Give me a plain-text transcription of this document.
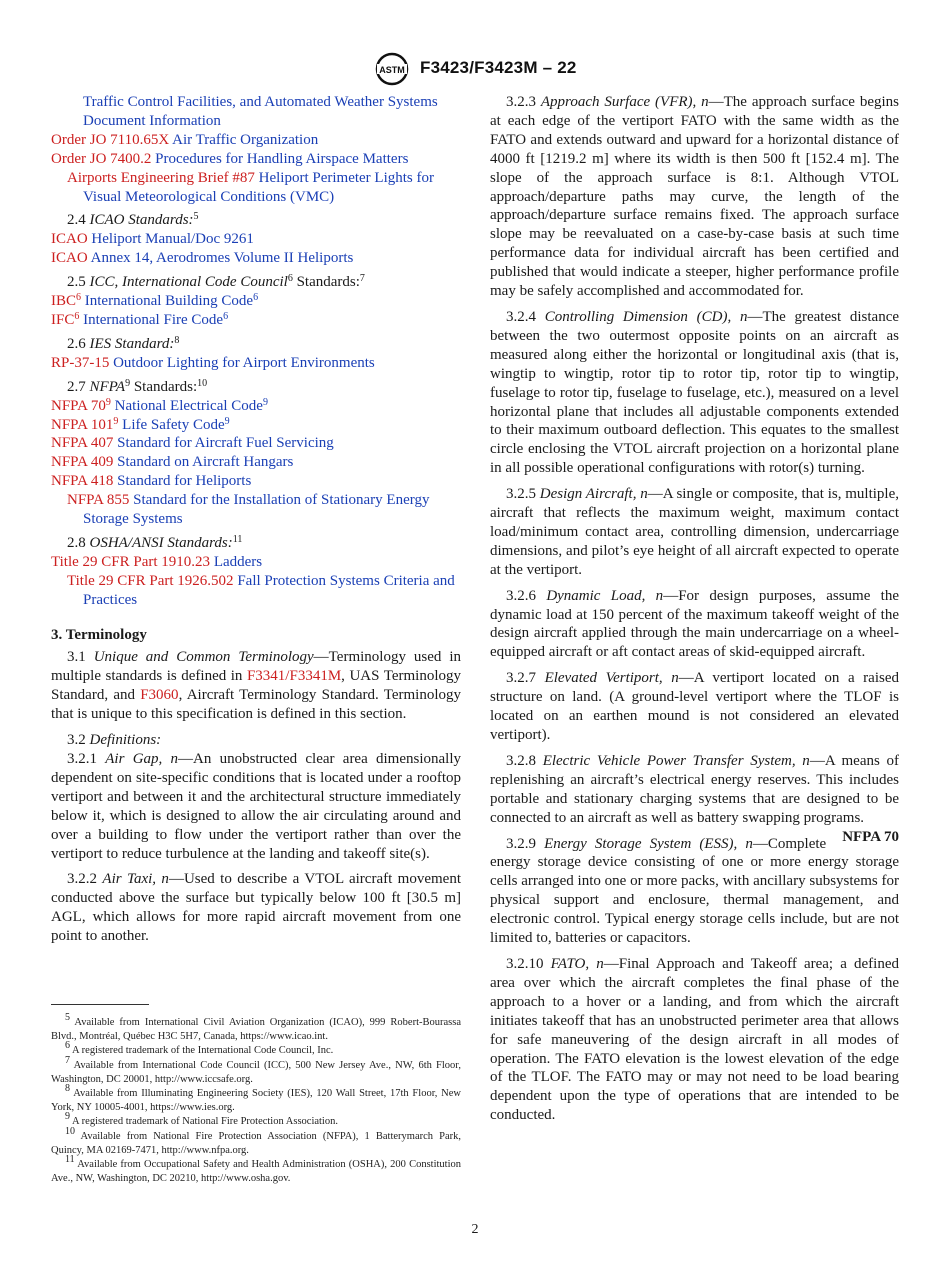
ASTM F3423/F3423M – 22
Traffic Control Facilities, and Automated Weather Systems Document Information
Order JO 7110.65X Air Traffic Organization
Order JO 7400.2 Procedures for Handling Airspace Matters
Airports Engineering Brief #87 Heliport Perimeter Lights for Visual Meteorological Conditions (VMC)
2.4 ICAO Standards:$^5$
ICAO Heliport Manual/Doc 9261
ICAO Annex 14, Aerodromes Volume II Heliports
2.5 ICC, International Code Council$^6$ Standards:$^7$
IBC$^6$ International Building Code$^6$
IFC$^6$ International Fire Code$^6$
2.6 IES Standard:$^8$
RP-37-15 Outdoor Lighting for Airport Environments
2.7 NFPA$^9$ Standards:$^{10}$
NFPA $70^9$ National Electrical Code$^9$
NFPA $101^9$ Life Safety Code$^9$
NFPA 407 Standard for Aircraft Fuel Servicing
NFPA 409 Standard on Aircraft Hangars
NFPA 418 Standard for Heliports
NFPA 855 Standard for the Installation of Stationary Energy Storage Systems
2.8 OSHA/ANSI Standards:$^{11}$
Title 29 CFR Part 1910.23 Ladders
Title 29 CFR Part 1926.502 Fall Protection Systems Criteria and Practices
3. Terminology
3.1 Unique and Common Terminology—Terminology used in multiple standards is defined in F3341/F3341M, UAS Terminology Standard, and F3060, Aircraft Terminology Standard. Terminology that is unique to this specification is defined in this section.
3.2 Definitions:
3.2.1 Air Gap, n—An unobstructed clear area dimensionally dependent on site-specific conditions that is located under a rooftop vertiport and between it and the architectural structure immediately below it, which is designed to allow the air circulating around and over a building to flow under the vertiport rather than over the vertiport to reduce turbulence at the landing and takeoff site(s).
3.2.2 Air Taxi, n—Used to describe a VTOL aircraft movement conducted above the surface but typically below 100 ft [30.5 m] AGL, which allows for more rapid aircraft movement from one point to another.
$^5$ Available from International Civil Aviation Organization (ICAO), 999 Robert-Bourassa Blvd., Montréal, Québec H3C 5H7, Canada, https://www.icao.int.
$^6$ A registered trademark of the International Code Council, Inc.
$^7$ Available from International Code Council (ICC), 500 New Jersey Ave., NW, 6th Floor, Washington, DC 20001, http://www.iccsafe.org.
$^8$ Available from Illuminating Engineering Society (IES), 120 Wall Street, 17th Floor, New York, NY 10005-4001, https://www.ies.org.
$^9$ A registered trademark of National Fire Protection Association.
$^{10}$ Available from National Fire Protection Association (NFPA), 1 Batterymarch Park, Quincy, MA 02169-7471, http://www.nfpa.org.
$^{11}$ Available from Occupational Safety and Health Administration (OSHA), 200 Constitution Ave., NW, Washington, DC 20210, http://www.osha.gov.
3.2.3 Approach Surface (VFR), n—The approach surface begins at each edge of the vertiport FATO with the same width as the FATO and extends outward and upward for a horizontal distance of 4000 ft [1219.2 m] where its width is then 500 ft [152.4 m]. The slope of the approach surface is 8:1. Although VTOL approach/departure paths may curve, the length of the approach/departure surface remains fixed. The approach surface slope may be reevaluated on a case-by-case basis at such time performance data for individual aircraft has been certified and published that would indicate a steeper, higher performance profile may be safely accomplished and accommodated for.
3.2.4 Controlling Dimension (CD), n—The greatest distance between the two outermost opposite points on an aircraft as measured along either the horizontal or longitudinal axis (that is, wingtip to wingtip, rotor tip to rotor tip, rotor tip to wingtip, fuselage to rotor tip, fuselage to fuselage, etc.), measured on a level horizontal plane that includes all adjustable components extended to their maximum outboard deflection. This equates to the smallest circle enclosing the VTOL aircraft projection on a horizontal plane in all possible operational configurations with rotor(s) turning.
3.2.5 Design Aircraft, n—A single or composite, that is, multiple, aircraft that reflects the maximum weight, maximum contact load/minimum contact area, controlling dimension, undercarriage dimensions, and pilot’s eye height of all aircraft expected to operate at the vertiport.
3.2.6 Dynamic Load, n—For design purposes, assume the dynamic load at 150 percent of the maximum takeoff weight of the design aircraft applied through the main undercarriage on a wheel-equipped aircraft or aft contact areas of skid-equipped aircraft.
3.2.7 Elevated Vertiport, n—A vertiport located on a raised structure on land. (A ground-level vertiport where the TLOF is located on an earthen mound is not considered an elevated vertiport).
3.2.8 Electric Vehicle Power Transfer System, n—A means of replenishing an aircraft’s electrical energy reserves. This includes portable and stationary charging systems that are designed to be connected to an aircraft as well as battery swapping programs.
NFPA 70
3.2.9 Energy Storage System (ESS), n—Complete energy storage device consisting of one or more energy storage cells arranged into one or more packs, with ancillary subsystems for physical support and enclosure, thermal management, and electronic control. Typical energy storage cells include, but are not limited to, batteries or capacitors.
3.2.10 FATO, n—Final Approach and Takeoff area; a defined area over which the aircraft completes the final phase of the approach to a hover or a landing, and from which the aircraft initiates takeoff that has an unobstructed perimeter area that allows for safe maneuvering of the design aircraft in all modes of operation. The FATO elevation is the lowest elevation of the edge of the TLOF. The FATO may or may not need to be load bearing dependent upon the type of operations that are intended to be conducted.
2
